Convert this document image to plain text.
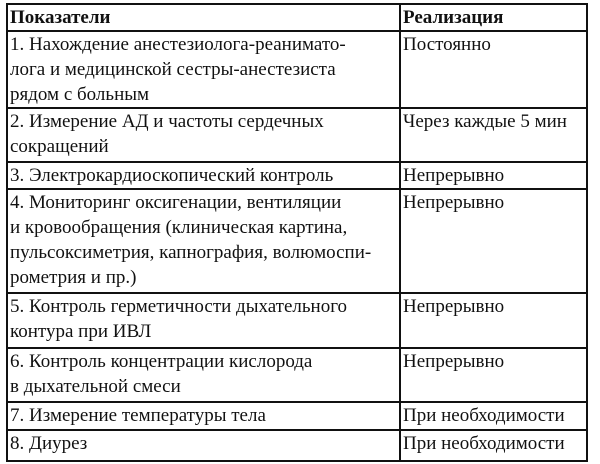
Показатели	Реализация

1. Нахождение анестезиолога-реанимато-
лога и медицинской сестры-анестезиста
рядом с больным	Постоянно

2. Измерение АД и частоты сердечных
сокращений	Через каждые 5 мин

3. Электрокардиоскопический контроль	Непрерывно

4. Мониторинг оксигенации, вентиляции
и кровообращения (клиническая картина,
пульсоксиметрия, капнография, волюмоспи-
рометрия и пр.)	Непрерывно

5. Контроль герметичности дыхательного
контура при ИВЛ	Непрерывно

6. Контроль концентрации кислорода
в дыхательной смеси	Непрерывно

7. Измерение температуры тела	При необходимости

8. Диурез	При необходимости
